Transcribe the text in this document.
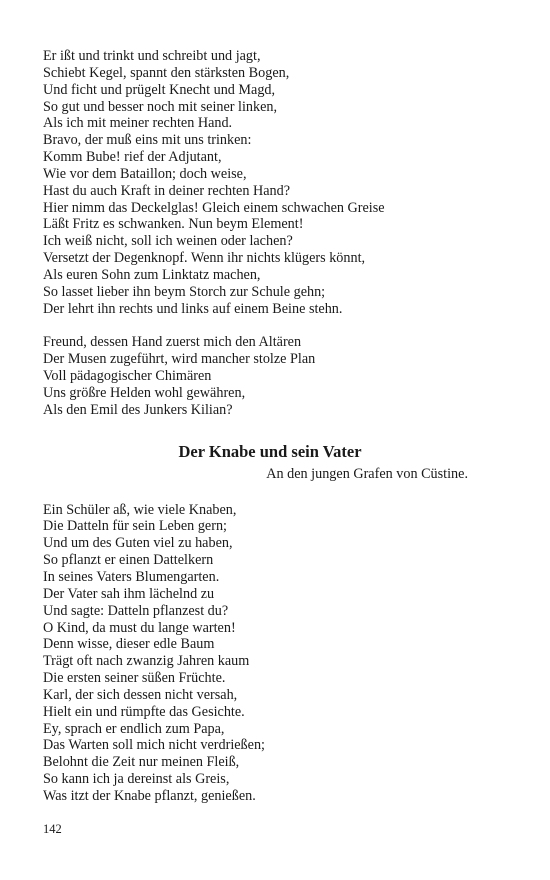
Er ißt und trinkt und schreibt und jagt,
Schiebt Kegel, spannt den stärksten Bogen,
Und ficht und prügelt Knecht und Magd,
So gut und besser noch mit seiner linken,
Als ich mit meiner rechten Hand.
Bravo, der muß eins mit uns trinken:
Komm Bube! rief der Adjutant,
Wie vor dem Bataillon; doch weise,
Hast du auch Kraft in deiner rechten Hand?
Hier nimm das Deckelglas! Gleich einem schwachen Greise
Läßt Fritz es schwanken. Nun beym Element!
Ich weiß nicht, soll ich weinen oder lachen?
Versetzt der Degenknopf. Wenn ihr nichts klügers könnt,
Als euren Sohn zum Linktatz machen,
So lasset lieber ihn beym Storch zur Schule gehn;
Der lehrt ihn rechts und links auf einem Beine stehn.
Freund, dessen Hand zuerst mich den Altären
Der Musen zugeführt, wird mancher stolze Plan
Voll pädagogischer Chimären
Uns größre Helden wohl gewähren,
Als den Emil des Junkers Kilian?
Der Knabe und sein Vater
An den jungen Grafen von Cüstine.
Ein Schüler aß, wie viele Knaben,
Die Datteln für sein Leben gern;
Und um des Guten viel zu haben,
So pflanzt er einen Dattelkern
In seines Vaters Blumengarten.
Der Vater sah ihm lächelnd zu
Und sagte: Datteln pflanzest du?
O Kind, da must du lange warten!
Denn wisse, dieser edle Baum
Trägt oft nach zwanzig Jahren kaum
Die ersten seiner süßen Früchte.
Karl, der sich dessen nicht versah,
Hielt ein und rümpfte das Gesichte.
Ey, sprach er endlich zum Papa,
Das Warten soll mich nicht verdrießen;
Belohnt die Zeit nur meinen Fleiß,
So kann ich ja dereinst als Greis,
Was itzt der Knabe pflanzt, genießen.
142
